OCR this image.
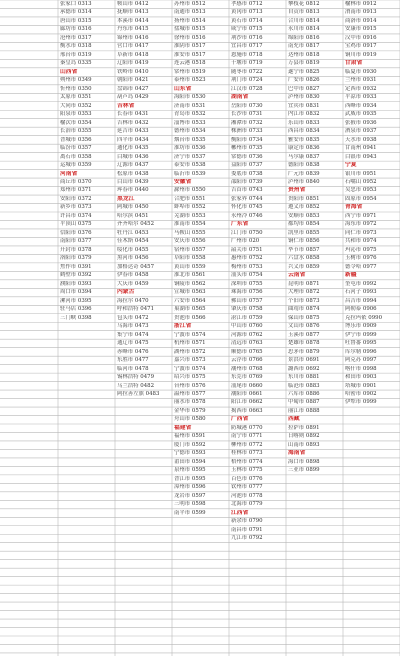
张家口 0313
承德市 0314
唐山市 0315
廊坊市 0316
沧州市 0317
衡水市 0318
邢台市 0319
秦皇岛 0335
山西省
朔州市 0349
忻州市 0350
太原市 0351
大同市 0352
阳泉市 0353
榆次市 0354
长治市 0355
晋城市 0356
临汾市 0357
离石市 0358
运城市 0359
河南省
商丘市 0370
郑州市 0371
安阳市 0372
新乡市 0373
许昌市 0374
平顶山 0375
信阳市 0376
南阳市 0377
开封市 0378
洛阳市 0379
焦作市 0391
鹤壁市 0392
濮阳市 0393
周口市 0394
漯河市 0395
驻马店 0396
三门峡 0398
鞍山市 0412
抚顺市 0413
本溪市 0414
丹东市 0415
锦州市 0416
营口市 0417
阜新市 0418
辽阳市 0419
铁岭市 0410
朝阳市 0421
盘锦市 0427
葫芦岛 0429
吉林省
长春市 0431
吉林市 0432
延吉市 0433
四平市 0434
通化市 0435
白城市 0436
辽源市 0437
松原市 0438
白山市 0439
珲春市 0440
黑龙江
阿城市 0450
哈尔滨 0451
齐齐哈尔 0452
牡丹江 0453
佳木斯 0454
绥化市 0455
黑河市 0456
加格达奇 0457
伊春市 0458
大庆市 0459
内蒙古
海拉尔 0470
呼和浩特 0471
包头市 0472
乌海市 0473
集宁市 0474
通辽市 0475
赤峰市 0476
东胜市 0477
临河市 0478
锡林浩特 0479
乌兰浩特 0482
阿拉善左旗 0483
苏州市 0512
南通市 0513
扬州市 0514
盐城市 0515
徐州市 0516
淮阴市 0517
淮安市 0517
连云港 0518
常州市 0519
泰州市 0523
山东省
海阳市 0530
济南市 0531
青岛市 0532
淄博市 0533
德州市 0534
烟台市 0535
淮坊市 0536
济宁市 0537
泰安市 0538
临沂市 0539
安徽省
滁州市 0550
合肥市 0551
蚌埠市 0552
芜湖市 0553
淮南市 0554
马鞍山 0555
安庆市 0556
宿州市 0557
阜阳市 0558
黄山市 0559
淮北市 0561
铜陵市 0562
宣城市 0563
六安市 0564
巢湖市 0565
贵池市 0566
浙江省
宁波市 0574
杭州市 0571
湖州市 0572
嘉兴市 0573
宁波市 0574
绍兴市 0575
台州市 0576
温州市 0577
丽水市 0578
金华市 0579
舟山市 0580
福建省
福州市 0591
厦门市 0592
宁德市 0593
莆田市 0594
泉州市 0595
晋江市 0595
漳州市 0596
龙岩市 0597
三明市 0598
南平市 0599
孝感市 0712
黄冈市 0713
黄石市 0714
咸宁市 0715
荆沙市 0716
宜昌市 0717
恩施市 0718
十堰市 0719
随枣市 0722
荆门市 0724
江汉市 0728
湖南省
岳阳市 0730
长沙市 0731
湘潭市 0732
株洲市 0733
衡阳市 0734
郴州市 0735
常德市 0736
益阳市 0737
娄底市 0738
邵阳市 0739
吉首市 0743
张家界 0744
怀化市 0745
永州冷 0746
广东省
江门市 0750
广州市 020
韶关市 0751
惠州市 0752
梅州市 0753
汕头市 0754
深圳市 0755
珠海市 0756
佛山市 0757
肇庆市 0758
湛江市 0759
中山市 0760
河源市 0762
清远市 0763
顺德市 0765
云浮市 0766
潮州市 0768
东莞市 0769
汕尾市 0660
潮阳市 0661
阳江市 0662
揭西市 0663
广西省
防城港 0770
南宁市 0771
柳州市 0772
桂林市 0773
梧州市 0774
玉林市 0775
百色市 0776
钦州市 0777
河池市 0778
北海市 0779
江西省
新余市 0790
南昌市 0791
九江市 0792
攀枝花 0812
自贡市 0813
合川市 0814
永川市 0814
绵阳市 0816
南充市 0817
达州市 0818
万县市 0819
遂宁市 0825
广安市 0826
巴中市 0827
泸州市 0830
宜宾市 0831
内江市 0832
乐山市 0833
西昌市 0834
雅安市 0835
康定市 0836
马尔康 0837
德阳市 0838
广元市 0839
泸州市 0840
贵州省
贵阳市 0851
遵义市 0852
安顺市 0853
都均市 0854
凯里市 0855
铜仁市 0856
毕节市 0857
六盘水 0858
兴义市 0859
云南省
昆明市 0871
大理市 0872
个旧市 0873
曲靖市 0874
保山市 0875
文山市 0876
玉溪市 0877
楚雄市 0878
思茅市 0879
景洪市 0691
潞西市 0692
东川市 0881
临沧市 0883
六库市 0886
中甸市 0887
丽江市 0888
西藏
拉萨市 0891
日喀则 0892
山南市 0893
海南省
海口市 0898
三亚市 0899
榆林市 0912
渭南市 0913
商洛市 0914
安康市 0915
汉中市 0916
宝鸡市 0917
铜川市 0919
甘肃省
临夏市 0930
兰州市 0931
定西市 0932
平凉市 0933
西峰市 0934
武威市 0935
张掖市 0936
酒泉市 0937
天水市 0938
甘南州 0941
白银市 0943
宁夏
银川市 0951
石嘴山 0952
吴忠市 0953
固原市 0954
青海省
西宁市 0971
海东市 0972
同仁市 0973
共和市 0974
玛沁市 0975
玉树市 0976
德令哈 0977
新疆
奎屯市 0992
石河子 0993
昌吉市 0994
阿勒泰 0906
克拉玛依 0990
博乐市 0909
伊宁市 0999
吐鲁番 0995
库尔勒 0996
阿克苏 0997
喀什市 0998
和田市 0903
塔城市 0901
哈密市 0902
伊犁市 0999
